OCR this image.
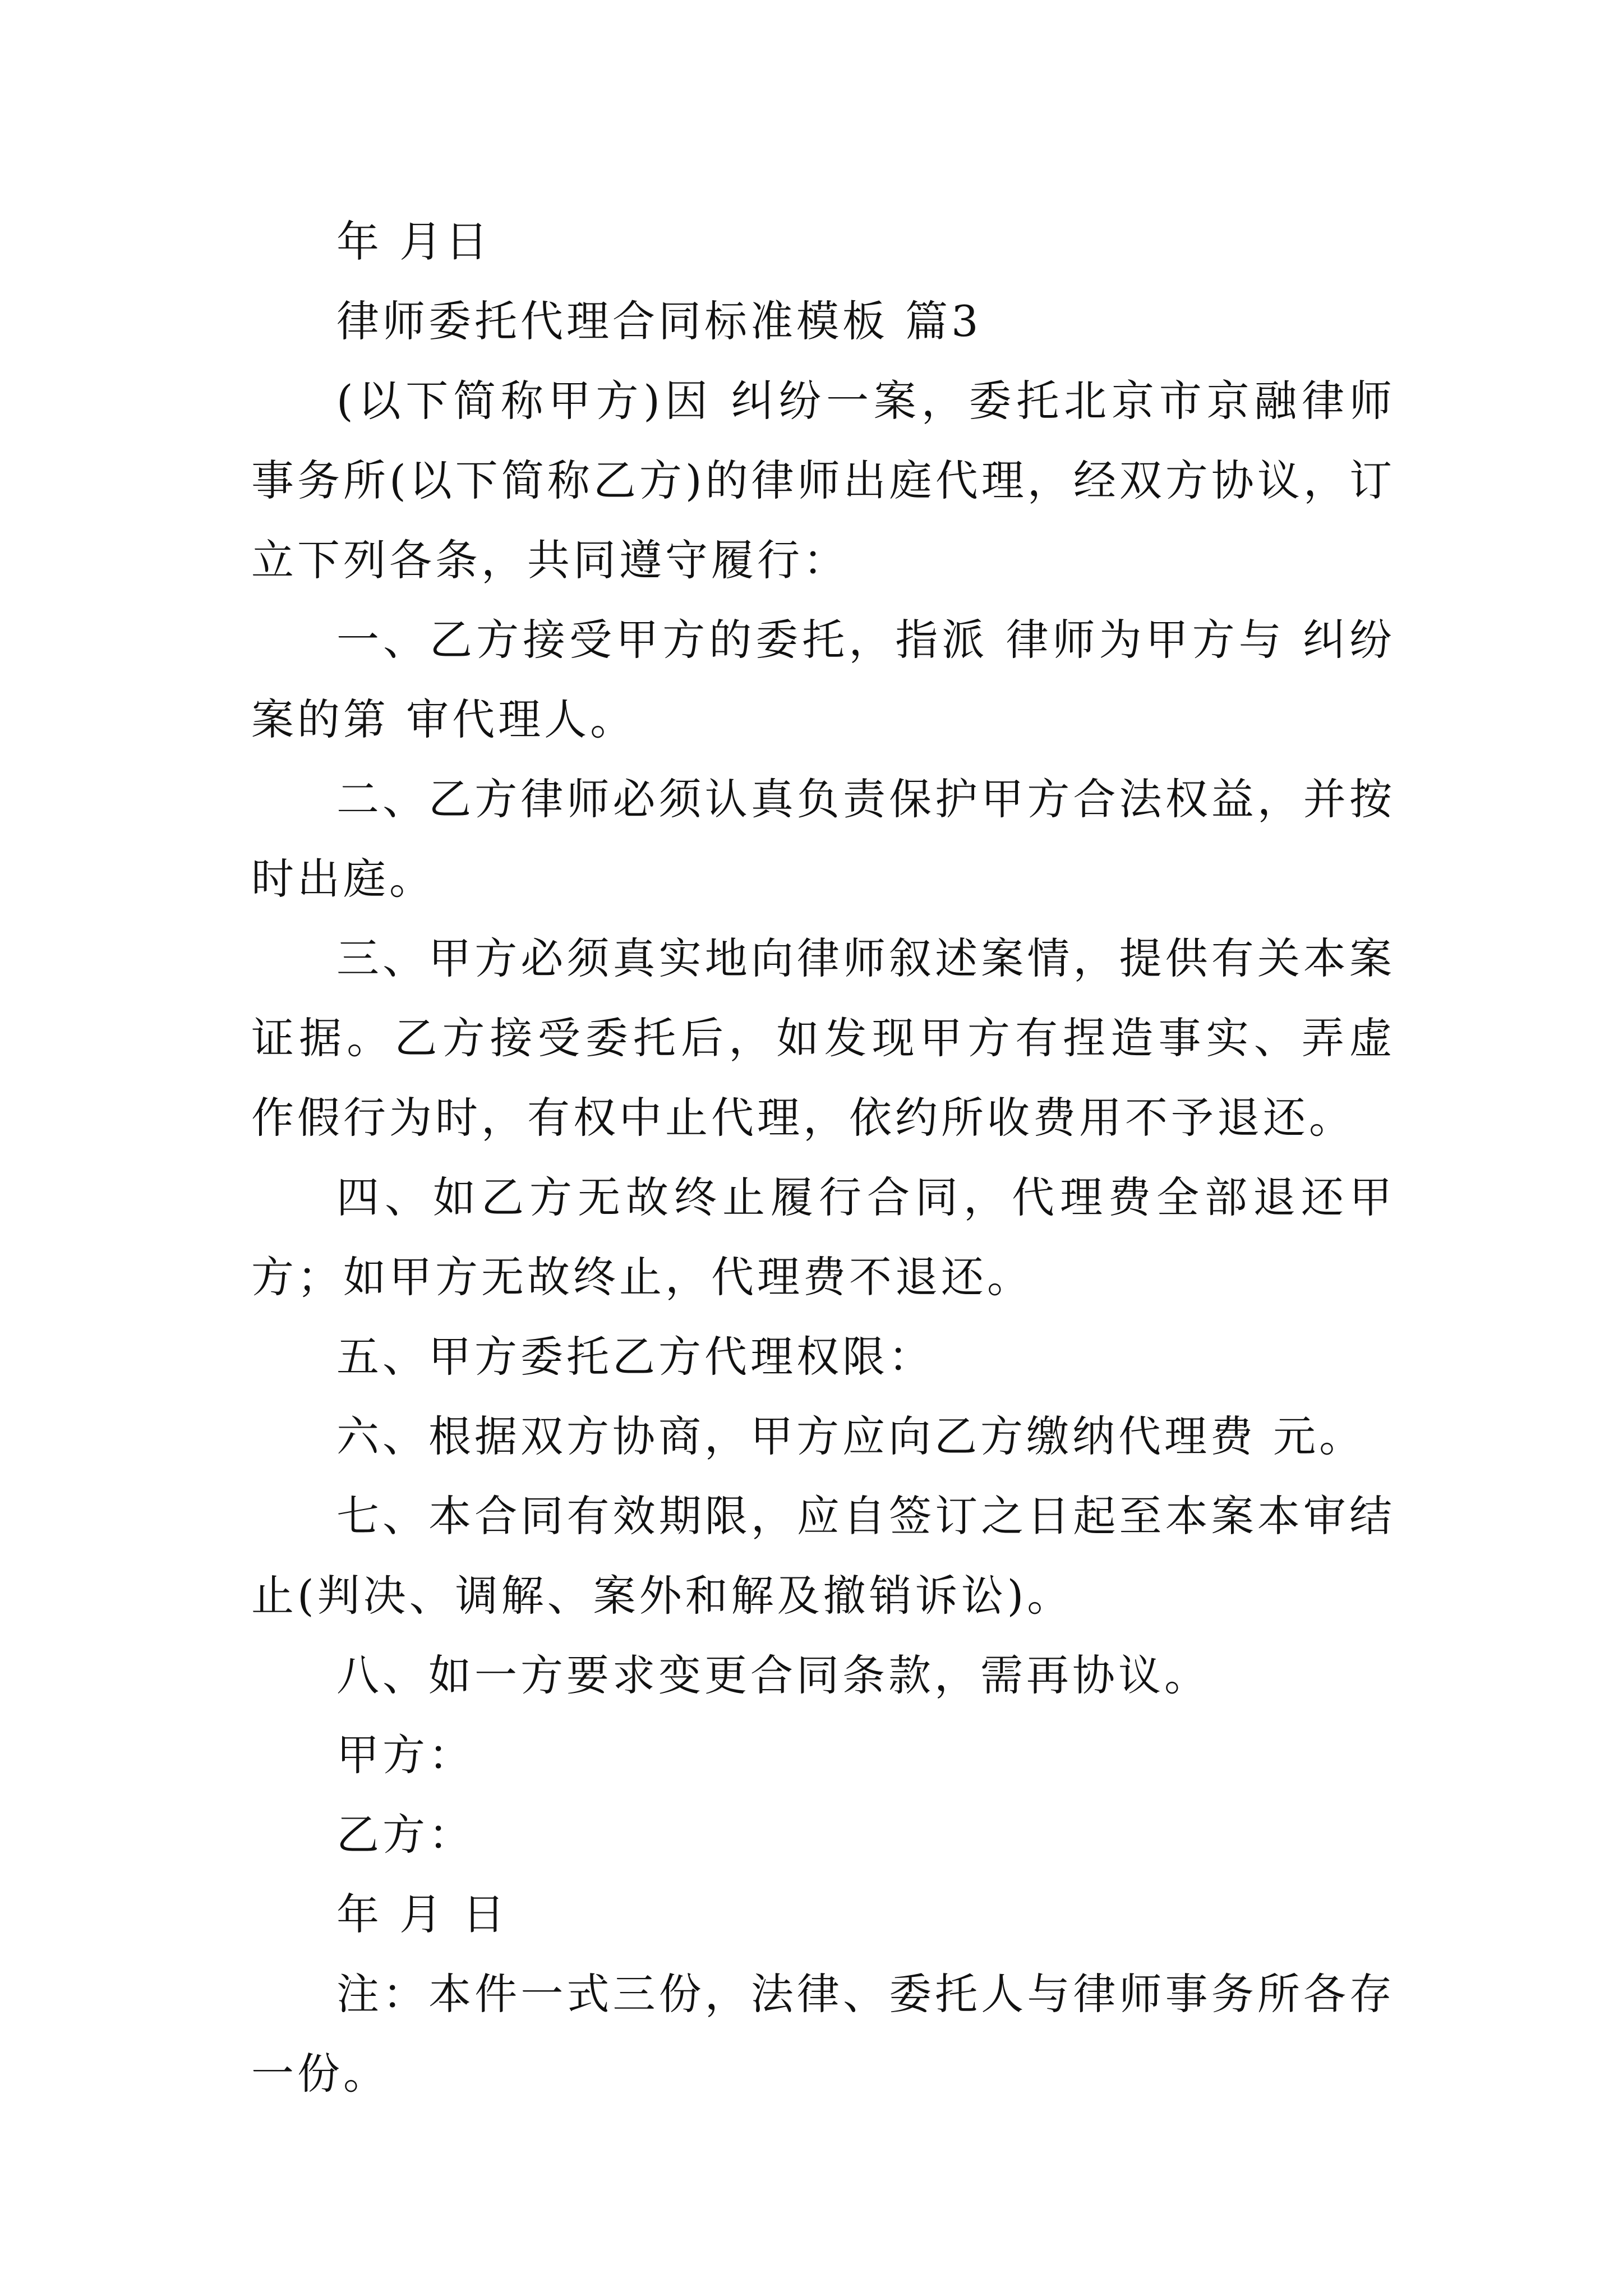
年 月日

律师委托代理合同标准模板 篇3

(以下简称甲方)因 纠纷一案，委托北京市京融律师事务所(以下简称乙方)的律师出庭代理，经双方协议，订立下列各条，共同遵守履行：

一、乙方接受甲方的委托，指派 律师为甲方与 纠纷案的第 审代理人。

二、乙方律师必须认真负责保护甲方合法权益，并按时出庭。

三、甲方必须真实地向律师叙述案情，提供有关本案证据。乙方接受委托后，如发现甲方有捏造事实、弄虚作假行为时，有权中止代理，依约所收费用不予退还。

四、如乙方无故终止履行合同，代理费全部退还甲方；如甲方无故终止，代理费不退还。

五、甲方委托乙方代理权限：

六、根据双方协商，甲方应向乙方缴纳代理费 元。

七、本合同有效期限，应自签订之日起至本案本审结止(判决、调解、案外和解及撤销诉讼)。

八、如一方要求变更合同条款，需再协议。

甲方：

乙方：

年 月 日

注：本件一式三份，法律、委托人与律师事务所各存一份。
